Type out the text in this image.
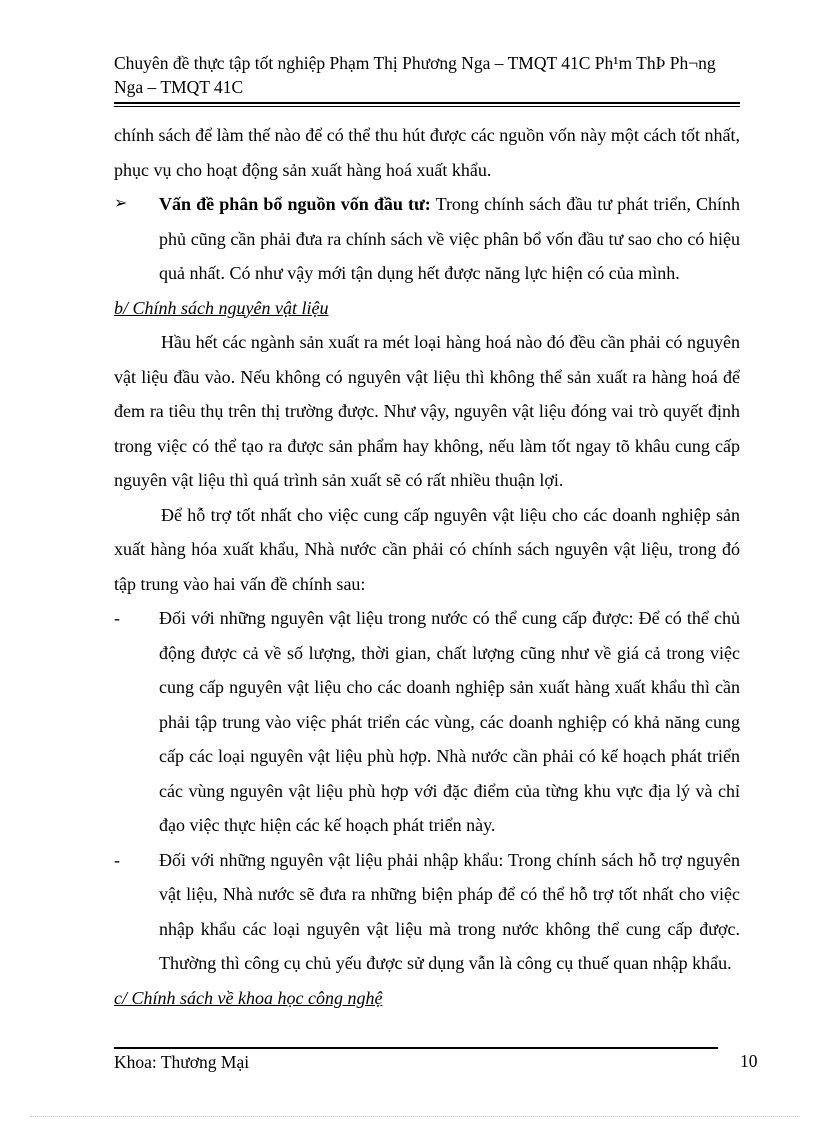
Chuyên đề thực tập tốt nghiệp Phạm Thị Phương Nga – TMQT 41C Ph¹m ThÞ Ph¬ng Nga – TMQT 41C

chính sách để làm thế nào để có thể thu hút được các nguồn vốn này một cách tốt nhất, phục vụ cho hoạt động sản xuất hàng hoá xuất khẩu.

➢	Vấn đề phân bổ nguồn vốn đầu tư: Trong chính sách đầu tư phát triển, Chính phủ cũng cần phải đưa ra chính sách về việc phân bổ vốn đầu tư sao cho có hiệu quả nhất. Có như vậy mới tận dụng hết được năng lực hiện có của mình.

b/ Chính sách nguyên vật liệu

Hầu hết các ngành sản xuất ra mét loại hàng hoá nào đó đều cần phải có nguyên vật liệu đầu vào. Nếu không có nguyên vật liệu thì không thể sản xuất ra hàng hoá để đem ra tiêu thụ trên thị trường được. Như vậy, nguyên vật liệu đóng vai trò quyết định trong việc có thể tạo ra được sản phẩm hay không, nếu làm tốt ngay tõ khâu cung cấp nguyên vật liệu thì quá trình sản xuất sẽ có rất nhiều thuận lợi.

Để hỗ trợ tốt nhất cho việc cung cấp nguyên vật liệu cho các doanh nghiệp sản xuất hàng hóa xuất khẩu, Nhà nước cần phải có chính sách nguyên vật liệu, trong đó tập trung vào hai vấn đề chính sau:

-	Đối với những nguyên vật liệu trong nước có thể cung cấp được: Để có thể chủ động được cả về số lượng, thời gian, chất lượng cũng như về giá cả trong việc cung cấp nguyên vật liệu cho các doanh nghiệp sản xuất hàng xuất khẩu thì cần phải tập trung vào việc phát triển các vùng, các doanh nghiệp có khả năng cung cấp các loại nguyên vật liệu phù hợp. Nhà nước cần phải có kế hoạch phát triển các vùng nguyên vật liệu phù hợp với đặc điểm của từng khu vực địa lý và chỉ đạo việc thực hiện các kế hoạch phát triển này.

-	Đối với những nguyên vật liệu phải nhập khẩu: Trong chính sách hỗ trợ nguyên vật liệu, Nhà nước sẽ đưa ra những biện pháp để có thể hỗ trợ tốt nhất cho việc nhập khẩu các loại nguyên vật liệu mà trong nước không thể cung cấp được. Thường thì công cụ chủ yếu được sử dụng vẫn là công cụ thuế quan nhập khẩu.

c/ Chính sách về khoa học công nghệ

Khoa: Thương Mại	10
